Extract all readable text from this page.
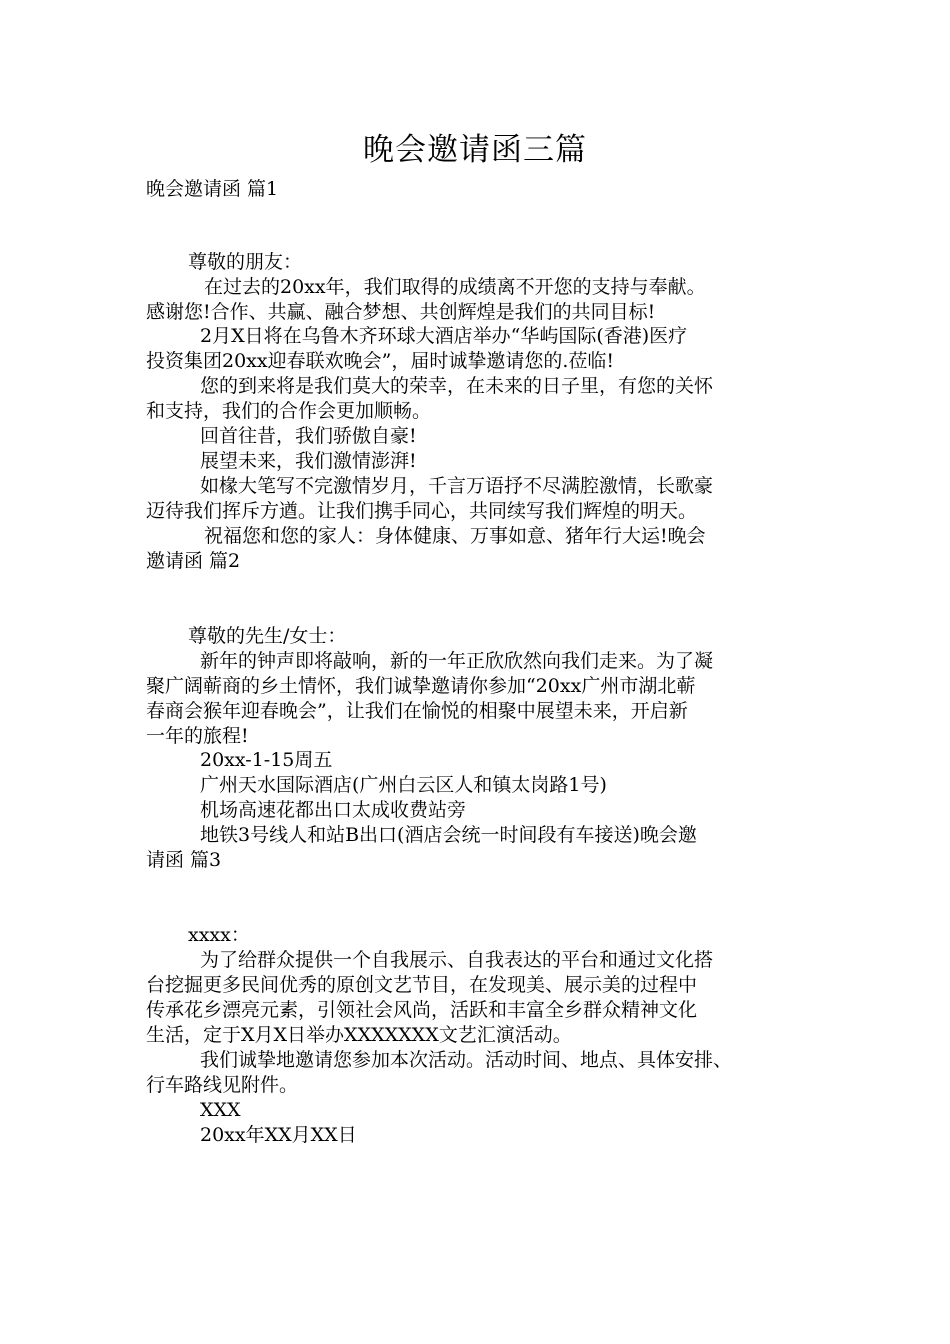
晚会邀请函三篇
晚会邀请函 篇1
尊敬的朋友：
在过去的20xx年，我们取得的成绩离不开您的支持与奉献。
感谢您!合作、共赢、融合梦想、共创辉煌是我们的共同目标!
2月X日将在乌鲁木齐环球大酒店举办“华屿国际(香港)医疗
投资集团20xx迎春联欢晚会”，届时诚挚邀请您的.莅临!
您的到来将是我们莫大的荣幸，在未来的日子里，有您的关怀
和支持，我们的合作会更加顺畅。
回首往昔，我们骄傲自豪!
展望未来，我们激情澎湃!
如椽大笔写不完激情岁月，千言万语抒不尽满腔激情，长歌豪
迈待我们挥斥方遒。让我们携手同心，共同续写我们辉煌的明天。
祝福您和您的家人：身体健康、万事如意、猪年行大运!晚会
邀请函 篇2
尊敬的先生/女士：
新年的钟声即将敲响，新的一年正欣欣然向我们走来。为了凝
聚广阔蕲商的乡土情怀，我们诚挚邀请你参加“20xx广州市湖北蕲
春商会猴年迎春晚会”，让我们在愉悦的相聚中展望未来，开启新
一年的旅程!
20xx-1-15周五
广州天水国际酒店(广州白云区人和镇太岗路1号)
机场高速花都出口太成收费站旁
地铁3号线人和站B出口(酒店会统一时间段有车接送)晚会邀
请函 篇3
xxxx：
为了给群众提供一个自我展示、自我表达的平台和通过文化搭
台挖掘更多民间优秀的原创文艺节目，在发现美、展示美的过程中
传承花乡漂亮元素，引领社会风尚，活跃和丰富全乡群众精神文化
生活，定于X月X日举办XXXXXXX文艺汇演活动。
我们诚挚地邀请您参加本次活动。活动时间、地点、具体安排、
行车路线见附件。
XXX
20xx年XX月XX日
